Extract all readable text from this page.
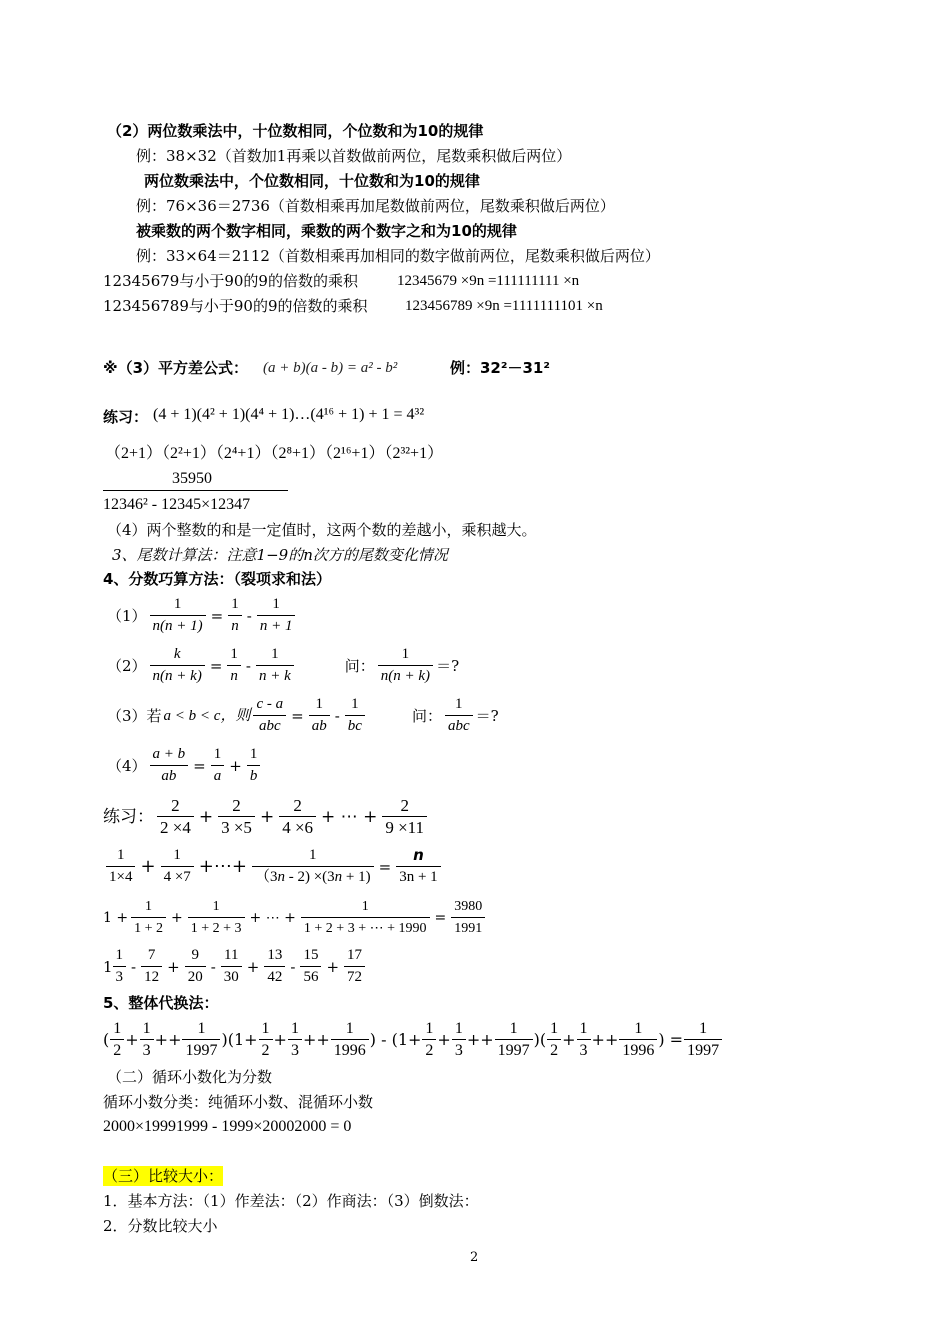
（2）两位数乘法中，十位数相同，个位数和为10的规律
例：38×32（首数加1再乘以首数做前两位，尾数乘积做后两位）
两位数乘法中，个位数相同，十位数和为10的规律
例：76×36＝2736（首数相乘再加尾数做前两位，尾数乘积做后两位）
被乘数的两个数字相同，乘数的两个数字之和为10的规律
例：33×64＝2112（首数相乘再加相同的数字做前两位，尾数乘积做后两位）
12345679与小于90的9的倍数的乘积	12345679 ×9n =111111111 ×n
123456789与小于90的9的倍数的乘积 123456789 ×9n =1111111101 ×n
※（3）平方差公式： (a + b)(a - b) = a² - b²	例：32²－31²
练习： (4 + 1)(4² + 1)(4⁴ + 1)…(4¹⁶ + 1) + 1 = 4³²
（2+1）（2²+1）（2⁴+1）（2⁸+1）（2¹⁶+1）（2³²+1）
35950
12346² - 12345×12347
（4）两个整数的和是一定值时，这两个数的差越小，乘积越大。
3、尾数计算法：注意1−9的n次方的尾数变化情况
4、分数巧算方法：（裂项求和法）
$(1) \frac{1}{n(n + 1)} = \frac{1}{n}$ -
1
n + 1
$(2) \frac{k}{n(n + k)} = \frac{1}{n}$ -
1
n + k
问：
1
n(n + k)
＝?
（3）若 a < b < c，则
c - a
abc
= $\frac{1}{ab}$ -
1
bc
问：
1
abc
＝?
$(4) \frac{a + b}{ab} = \frac{1}{a} + \frac{1}{b}$
练习：
2
2 ×4
+ $\frac{2}{3 \times 5} + \frac{2}{4 \times 6}$ + ⋯ + $\frac{2}{9 \times 11}$
1
1×4
+ $\frac{1}{4 \times 7}$ +⋯+ $\frac{1}{(3n - 2) \times(3n + 1)} = \frac{n}{3n + 1}$
$1 + \frac{1}{1 + 2} + \frac{1}{1 + 2 + 3}$ + ⋯ + $\frac{1}{1 + 2 + 3 + \cdots + 1990} = \frac{3980}{1991}$
1
1
3
-
7
12
+ $\frac{9}{20}$ -
11
30
+ $\frac{13}{42}$ -
15
56
+ $\frac{17}{72}$
5、整体代换法：
(
1
2
+ $\frac{1}{3} ++ \frac{1}{1997} )(1+ \frac{1}{2} + \frac{1}{3} ++ \frac{1}{1996}$ ) - ($1+ \frac{1}{2} + \frac{1}{3} ++ \frac{1}{1997}$ )(
1
2
+ $\frac{1}{3} ++ \frac{1}{1996}$ ) = $\frac{1}{1997}$
（二）循环小数化为分数
循环小数分类：纯循环小数、混循环小数
2000×19991999 - 1999×20002000 = 0
（三）比较大小：
1．基本方法：（1）作差法：（2）作商法：（3）倒数法：
2．分数比较大小
2
